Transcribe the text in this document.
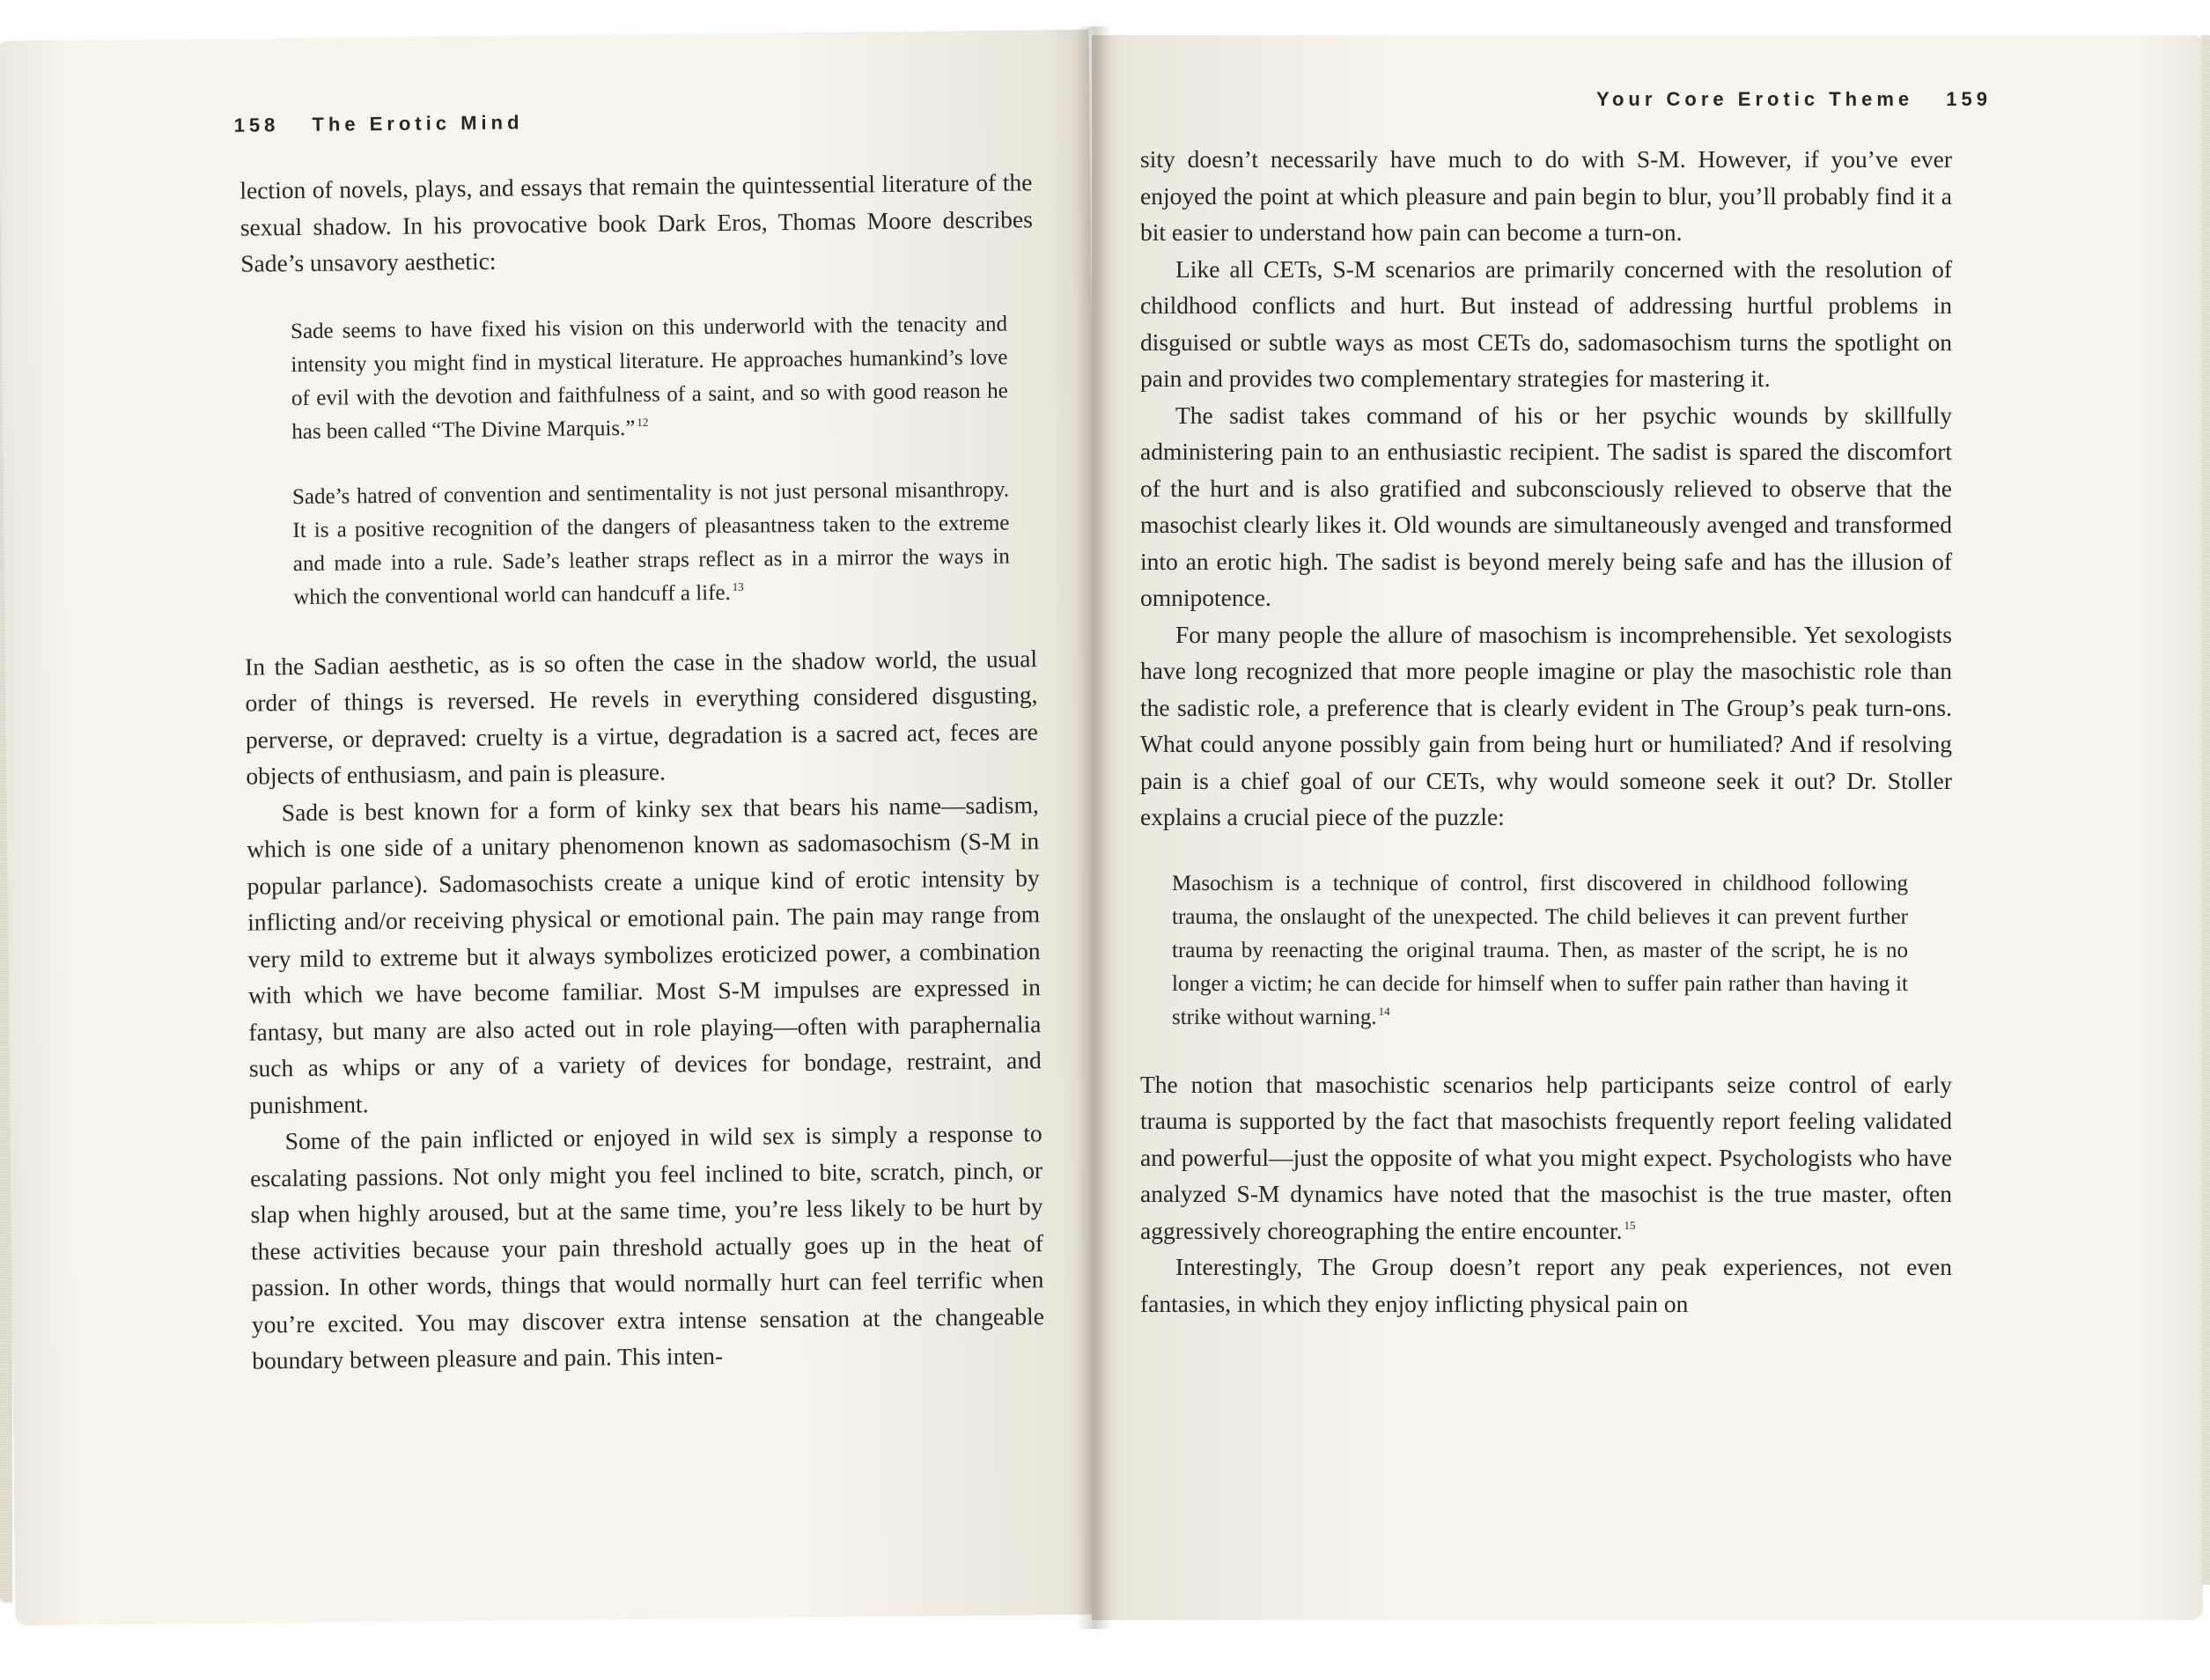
158 The Erotic Mind

lection of novels, plays, and essays that remain the quintessential literature of the sexual shadow. In his provocative book Dark Eros, Thomas Moore describes Sade’s unsavory aesthetic:

Sade seems to have fixed his vision on this underworld with the tenacity and intensity you might find in mystical literature. He approaches humankind’s love of evil with the devotion and faithfulness of a saint, and so with good reason he has been called “The Divine Marquis.” $^{12}$

Sade’s hatred of convention and sentimentality is not just personal misanthropy. It is a positive recognition of the dangers of pleasantness taken to the extreme and made into a rule. Sade’s leather straps reflect as in a mirror the ways in which the conventional world can handcuff a life. $^{13}$

In the Sadian aesthetic, as is so often the case in the shadow world, the usual order of things is reversed. He revels in everything considered disgusting, perverse, or depraved: cruelty is a virtue, degradation is a sacred act, feces are objects of enthusiasm, and pain is pleasure.

Sade is best known for a form of kinky sex that bears his name—sadism, which is one side of a unitary phenomenon known as sadomasochism (S-M in popular parlance). Sadomasochists create a unique kind of erotic intensity by inflicting and/or receiving physical or emotional pain. The pain may range from very mild to extreme but it always symbolizes eroticized power, a combination with which we have become familiar. Most S-M impulses are expressed in fantasy, but many are also acted out in role playing—often with paraphernalia such as whips or any of a variety of devices for bondage, restraint, and punishment.

Some of the pain inflicted or enjoyed in wild sex is simply a response to escalating passions. Not only might you feel inclined to bite, scratch, pinch, or slap when highly aroused, but at the same time, you’re less likely to be hurt by these activities because your pain threshold actually goes up in the heat of passion. In other words, things that would normally hurt can feel terrific when you’re excited. You may discover extra intense sensation at the changeable boundary between pleasure and pain. This inten-

Your Core Erotic Theme 159

sity doesn’t necessarily have much to do with S-M. However, if you’ve ever enjoyed the point at which pleasure and pain begin to blur, you’ll probably find it a bit easier to understand how pain can become a turn-on.

Like all CETs, S-M scenarios are primarily concerned with the resolution of childhood conflicts and hurt. But instead of addressing hurtful problems in disguised or subtle ways as most CETs do, sadomasochism turns the spotlight on pain and provides two complementary strategies for mastering it.

The sadist takes command of his or her psychic wounds by skillfully administering pain to an enthusiastic recipient. The sadist is spared the discomfort of the hurt and is also gratified and subconsciously relieved to observe that the masochist clearly likes it. Old wounds are simultaneously avenged and transformed into an erotic high. The sadist is beyond merely being safe and has the illusion of omnipotence.

For many people the allure of masochism is incomprehensible. Yet sexologists have long recognized that more people imagine or play the masochistic role than the sadistic role, a preference that is clearly evident in The Group’s peak turn-ons. What could anyone possibly gain from being hurt or humiliated? And if resolving pain is a chief goal of our CETs, why would someone seek it out? Dr. Stoller explains a crucial piece of the puzzle:

Masochism is a technique of control, first discovered in childhood following trauma, the onslaught of the unexpected. The child believes it can prevent further trauma by reenacting the original trauma. Then, as master of the script, he is no longer a victim; he can decide for himself when to suffer pain rather than having it strike without warning. $^{14}$

The notion that masochistic scenarios help participants seize control of early trauma is supported by the fact that masochists frequently report feeling validated and powerful—just the opposite of what you might expect. Psychologists who have analyzed S-M dynamics have noted that the masochist is the true master, often aggressively choreographing the entire encounter. $^{15}$

Interestingly, The Group doesn’t report any peak experiences, not even fantasies, in which they enjoy inflicting physical pain on
